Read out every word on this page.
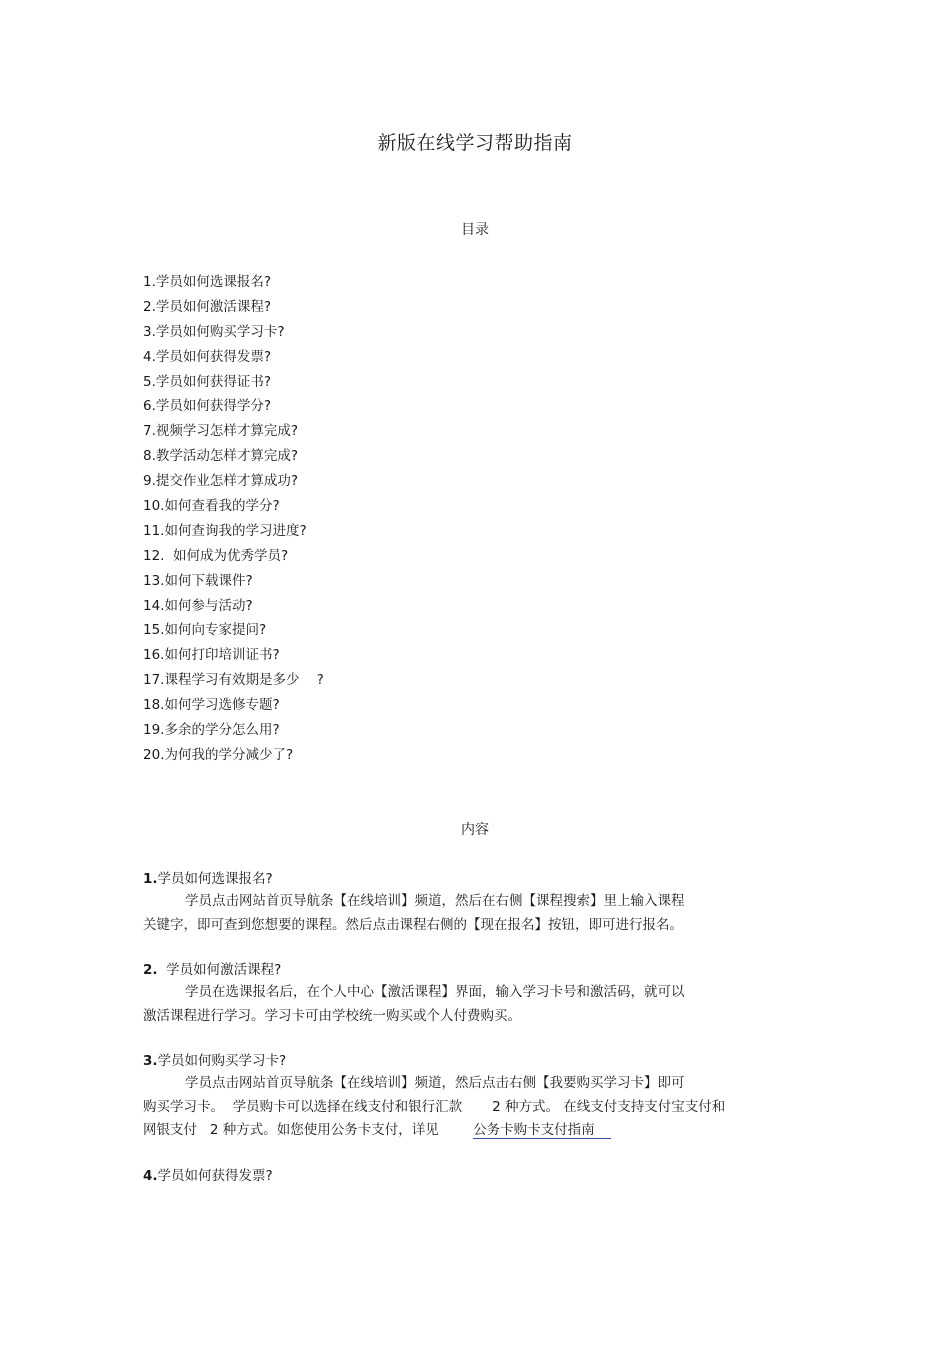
新版在线学习帮助指南
目录
1.学员如何选课报名?
2.学员如何激活课程?
3.学员如何购买学习卡?
4.学员如何获得发票?
5.学员如何获得证书?
6.学员如何获得学分?
7.视频学习怎样才算完成?
8.教学活动怎样才算完成?
9.提交作业怎样才算成功?
10.如何查看我的学分?
11.如何查询我的学习进度?
12.  如何成为优秀学员?
13.如何下载课件?
14.如何参与活动?
15.如何向专家提问?
16.如何打印培训证书?
17.课程学习有效期是多少    ?
18.如何学习选修专题?
19.多余的学分怎么用?
20.为何我的学分减少了?
内容

1.学员如何选课报名?

学员点击网站首页导航条【在线培训】频道，然后在右侧【课程搜索】里上输入课程
关键字，即可查到您想要的课程。然后点击课程右侧的【现在报名】按钮，即可进行报名。

2.  学员如何激活课程?

学员在选课报名后，在个人中心【激活课程】界面，输入学习卡号和激活码，就可以
激活课程进行学习。学习卡可由学校统一购买或个人付费购买。

3.学员如何购买学习卡?

学员点击网站首页导航条【在线培训】频道，然后点击右侧【我要购买学习卡】即可
购买学习卡。  学员购卡可以选择在线支付和银行汇款       2 种方式。 在线支付支持支付宝支付和
网银支付   2 种方式。如您使用公务卡支付，详见        公务卡购卡支付指南

4.学员如何获得发票?
